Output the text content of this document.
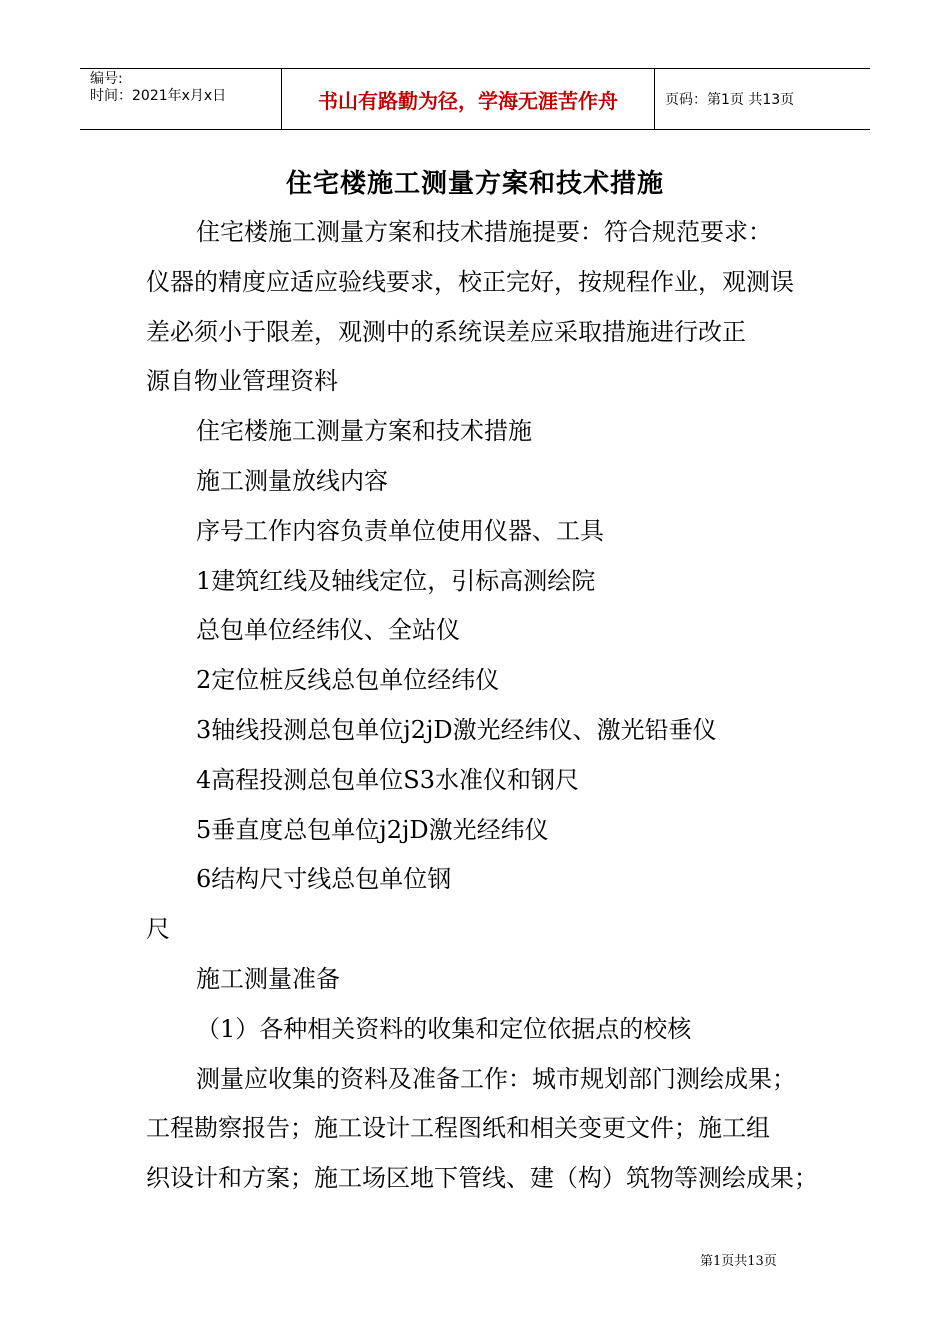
编号:
时间：2021年x月x日	书山有路勤为径，学海无涯苦作舟	页码：第1页 共13页
住宅楼施工测量方案和技术措施
住宅楼施工测量方案和技术措施提要：符合规范要求：
仪器的精度应适应验线要求，校正完好，按规程作业，观测误
差必须小于限差，观测中的系统误差应采取措施进行改正
源自物业管理资料
住宅楼施工测量方案和技术措施
施工测量放线内容
序号工作内容负责单位使用仪器、工具
1建筑红线及轴线定位，引标高测绘院
总包单位经纬仪、全站仪
2定位桩反线总包单位经纬仪
3轴线投测总包单位j2jD激光经纬仪、激光铅垂仪
4高程投测总包单位S3水准仪和钢尺
5垂直度总包单位j2jD激光经纬仪
6结构尺寸线总包单位钢
尺
施工测量准备
（1）各种相关资料的收集和定位依据点的校核
测量应收集的资料及准备工作：城市规划部门测绘成果；
工程勘察报告；施工设计工程图纸和相关变更文件；施工组
织设计和方案；施工场区地下管线、建（构）筑物等测绘成果；
第1页共13页
